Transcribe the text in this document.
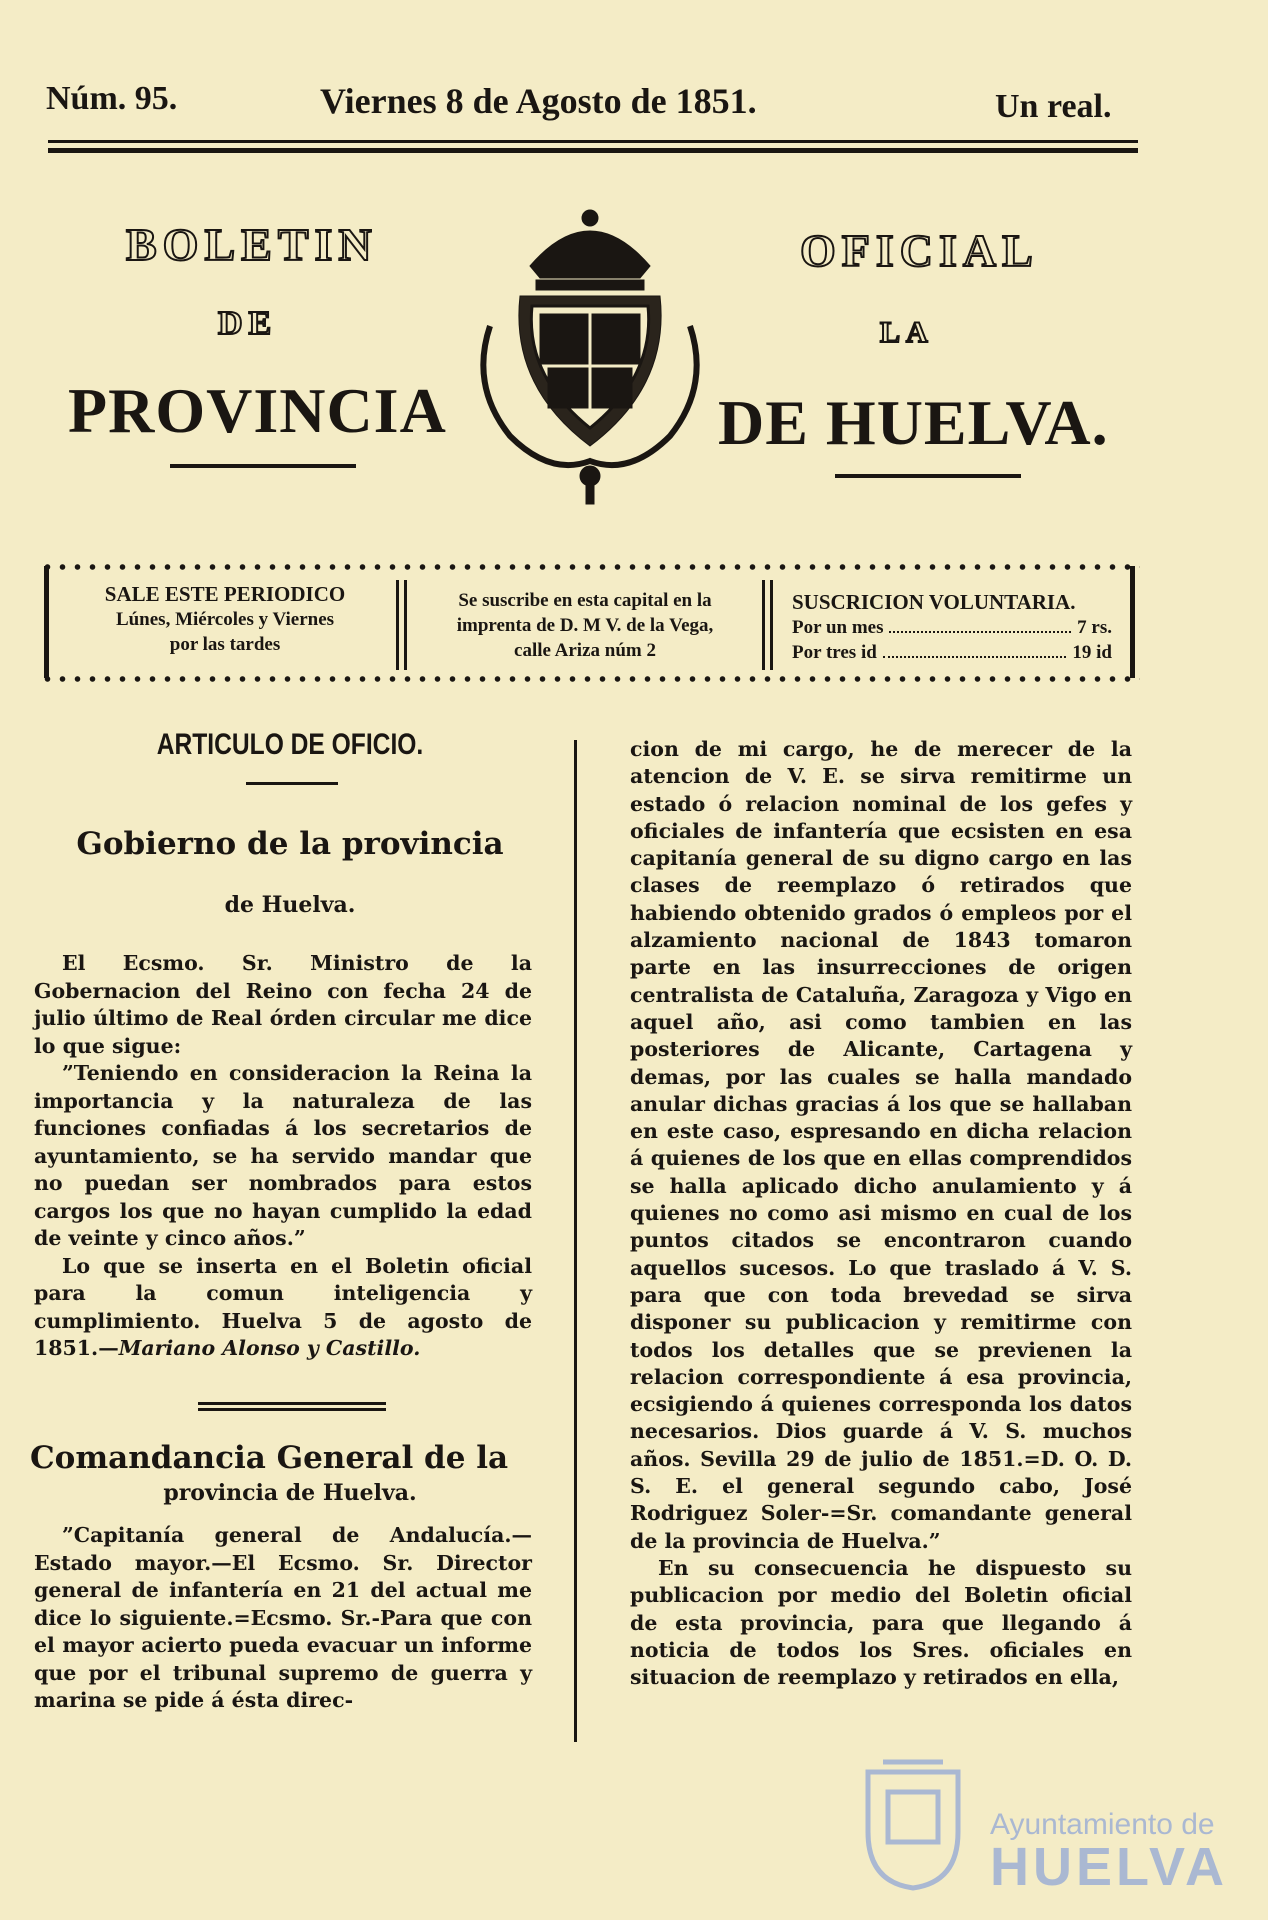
Núm. 95.	Viernes 8 de Agosto de 1851.	Un real.
BOLETIN	OFICIAL
DE	LA
PROVINCIA	DE HUELVA.
SALE ESTE PERIODICO
Lúnes, Miércoles y Viernes
por las tardes
Se suscribe en esta capital en la
imprenta de D. M V. de la Vega,
calle Ariza núm 2
SUSCRICION VOLUNTARIA.
Por un mes	7 rs.
Por tres id	19 id
ARTICULO DE OFICIO.
Gobierno de la provincia
de Huelva.

El Ecsmo. Sr. Ministro de la Gobernacion del Reino con fecha 24 de julio último de Real órden circular me dice lo que sigue:

”Teniendo en consideracion la Reina la importancia y la naturaleza de las funciones confiadas á los secretarios de ayuntamiento, se ha servido mandar que no puedan ser nombrados para estos cargos los que no hayan cumplido la edad de veinte y cinco años.”

Lo que se inserta en el Boletin oficial para la comun inteligencia y cumplimiento. Huelva 5 de agosto de 1851.—Mariano Alonso y Castillo.

Comandancia General de la
provincia de Huelva.

”Capitanía general de Andalucía.—Estado mayor.—El Ecsmo. Sr. Director general de infantería en 21 del actual me dice lo siguiente.=Ecsmo. Sr.-Para que con el mayor acierto pueda evacuar un informe que por el tribunal supremo de guerra y marina se pide á ésta direc-

cion de mi cargo, he de merecer de la atencion de V. E. se sirva remitirme un estado ó relacion nominal de los gefes y oficiales de infantería que ecsisten en esa capitanía general de su digno cargo en las clases de reemplazo ó retirados que habiendo obtenido grados ó empleos por el alzamiento nacional de 1843 tomaron parte en las insurrecciones de origen centralista de Cataluña, Zaragoza y Vigo en aquel año, asi como tambien en las posteriores de Alicante, Cartagena y demas, por las cuales se halla mandado anular dichas gracias á los que se hallaban en este caso, espresando en dicha relacion á quienes de los que en ellas comprendidos se halla aplicado dicho anulamiento y á quienes no como asi mismo en cual de los puntos citados se encontraron cuando aquellos sucesos. Lo que traslado á V. S. para que con toda brevedad se sirva disponer su publicacion y remitirme con todos los detalles que se previenen la relacion correspondiente á esa provincia, ecsigiendo á quienes corresponda los datos necesarios. Dios guarde á V. S. muchos años. Sevilla 29 de julio de 1851.=D. O. D. S. E. el general segundo cabo, José Rodriguez Soler-=Sr. comandante general de la provincia de Huelva.”

En su consecuencia he dispuesto su publicacion por medio del Boletin oficial de esta provincia, para que llegando á noticia de todos los Sres. oficiales en situacion de reemplazo y retirados en ella,

Ayuntamiento de
HUELVA
